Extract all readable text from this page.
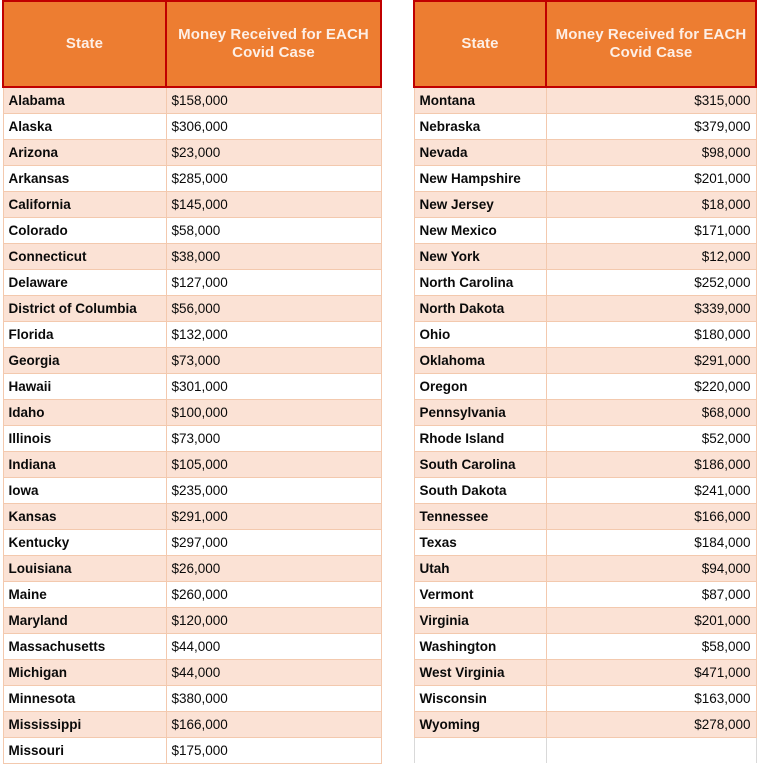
State	Money Received for EACH Covid Case
Alabama	$158,000
Alaska	$306,000
Arizona	$23,000
Arkansas	$285,000
California	$145,000
Colorado	$58,000
Connecticut	$38,000
Delaware	$127,000
District of Columbia	$56,000
Florida	$132,000
Georgia	$73,000
Hawaii	$301,000
Idaho	$100,000
Illinois	$73,000
Indiana	$105,000
Iowa	$235,000
Kansas	$291,000
Kentucky	$297,000
Louisiana	$26,000
Maine	$260,000
Maryland	$120,000
Massachusetts	$44,000
Michigan	$44,000
Minnesota	$380,000
Mississippi	$166,000
Missouri	$175,000
State	Money Received for EACH Covid Case
Montana	$315,000
Nebraska	$379,000
Nevada	$98,000
New Hampshire	$201,000
New Jersey	$18,000
New Mexico	$171,000
New York	$12,000
North Carolina	$252,000
North Dakota	$339,000
Ohio	$180,000
Oklahoma	$291,000
Oregon	$220,000
Pennsylvania	$68,000
Rhode Island	$52,000
South Carolina	$186,000
South Dakota	$241,000
Tennessee	$166,000
Texas	$184,000
Utah	$94,000
Vermont	$87,000
Virginia	$201,000
Washington	$58,000
West Virginia	$471,000
Wisconsin	$163,000
Wyoming	$278,000
